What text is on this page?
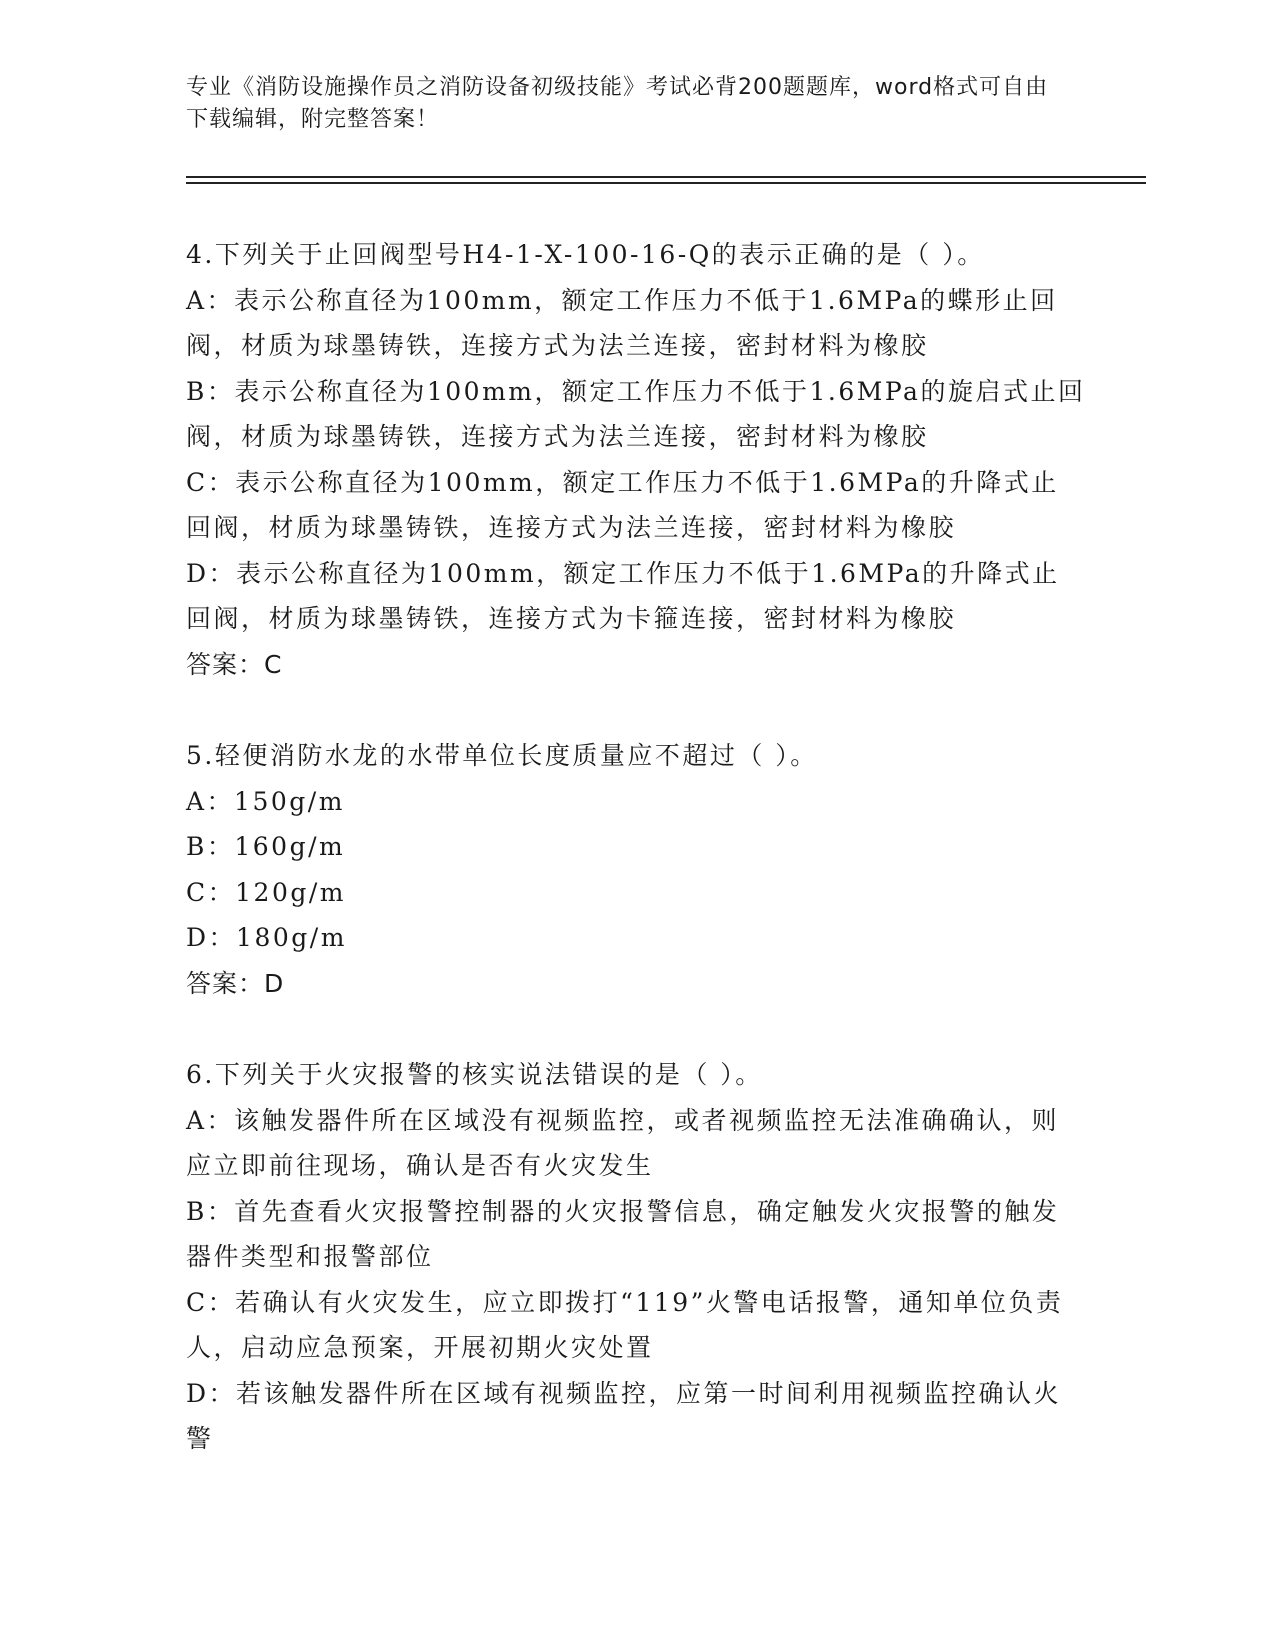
专业《消防设施操作员之消防设备初级技能》考试必背200题题库，word格式可自由下载编辑，附完整答案！

4.下列关于止回阀型号H4-1-X-100-16-Q的表示正确的是（ ）。

A：表示公称直径为100mm，额定工作压力不低于1.6MPa的蝶形止回阀，材质为球墨铸铁，连接方式为法兰连接，密封材料为橡胶

B：表示公称直径为100mm，额定工作压力不低于1.6MPa的旋启式止回阀，材质为球墨铸铁，连接方式为法兰连接，密封材料为橡胶

C：表示公称直径为100mm，额定工作压力不低于1.6MPa的升降式止回阀，材质为球墨铸铁，连接方式为法兰连接，密封材料为橡胶

D：表示公称直径为100mm，额定工作压力不低于1.6MPa的升降式止回阀，材质为球墨铸铁，连接方式为卡箍连接，密封材料为橡胶

答案：C

5.轻便消防水龙的水带单位长度质量应不超过（ ）。

A：150g/m

B：160g/m

C：120g/m

D：180g/m

答案：D

6.下列关于火灾报警的核实说法错误的是（ ）。

A：该触发器件所在区域没有视频监控，或者视频监控无法准确确认，则应立即前往现场，确认是否有火灾发生

B：首先查看火灾报警控制器的火灾报警信息，确定触发火灾报警的触发器件类型和报警部位

C：若确认有火灾发生，应立即拨打“119”火警电话报警，通知单位负责人，启动应急预案，开展初期火灾处置

D：若该触发器件所在区域有视频监控，应第一时间利用视频监控确认火警
